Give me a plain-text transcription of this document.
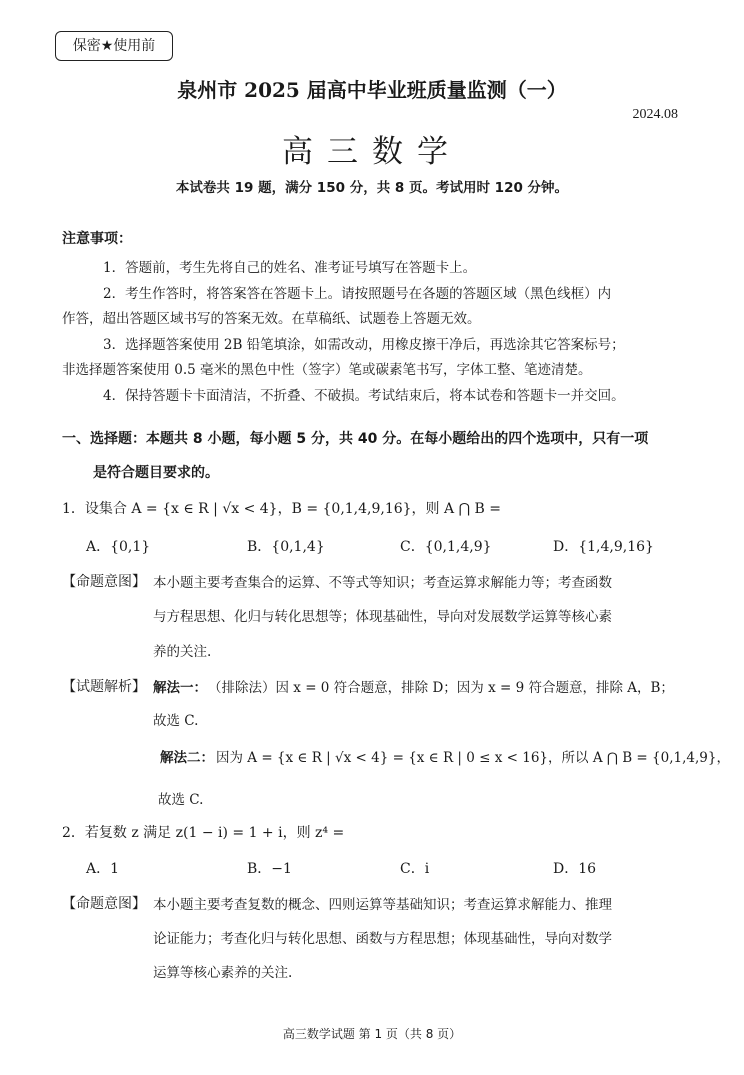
保密★使用前
泉州市 2025 届高中毕业班质量监测（一）
2024.08
高三数学
本试卷共 19 题，满分 150 分，共 8 页。考试用时 120 分钟。
注意事项：
1．答题前，考生先将自己的姓名、准考证号填写在答题卡上。
2．考生作答时，将答案答在答题卡上。请按照题号在各题的答题区域（黑色线框）内
作答，超出答题区域书写的答案无效。在草稿纸、试题卷上答题无效。
3．选择题答案使用 2B 铅笔填涂，如需改动，用橡皮擦干净后，再选涂其它答案标号；
非选择题答案使用 0.5 毫米的黑色中性（签字）笔或碳素笔书写，字体工整、笔迹清楚。
4．保持答题卡卡面清洁，不折叠、不破损。考试结束后，将本试卷和答题卡一并交回。
一、选择题：本题共 8 小题，每小题 5 分，共 40 分。在每小题给出的四个选项中，只有一项
是符合题目要求的。
1．设集合 A = {x ∈ R | √x < 4}，B = {0,1,4,9,16}，则 A ⋂ B =
A．{0,1}	B．{0,1,4}	C．{0,1,4,9}	D．{1,4,9,16}
【命题意图】 本小题主要考查集合的运算、不等式等知识；考查运算求解能力等；考查函数
与方程思想、化归与转化思想等；体现基础性，导向对发展数学运算等核心素
养的关注.
【试题解析】 解法一： （排除法）因 x = 0 符合题意，排除 D；因为 x = 9 符合题意，排除 A，B；
故选 C.
解法二： 因为 A = {x ∈ R | √x < 4} = {x ∈ R | 0 ≤ x < 16}，所以 A ⋂ B = {0,1,4,9}，
故选 C.
2．若复数 z 满足 z(1 − i) = 1 + i，则 z⁴ =
A．1	B．−1	C．i	D．16
【命题意图】 本小题主要考查复数的概念、四则运算等基础知识；考查运算求解能力、推理
论证能力；考查化归与转化思想、函数与方程思想；体现基础性，导向对数学
运算等核心素养的关注.
高三数学试题 第 1 页（共 8 页）
